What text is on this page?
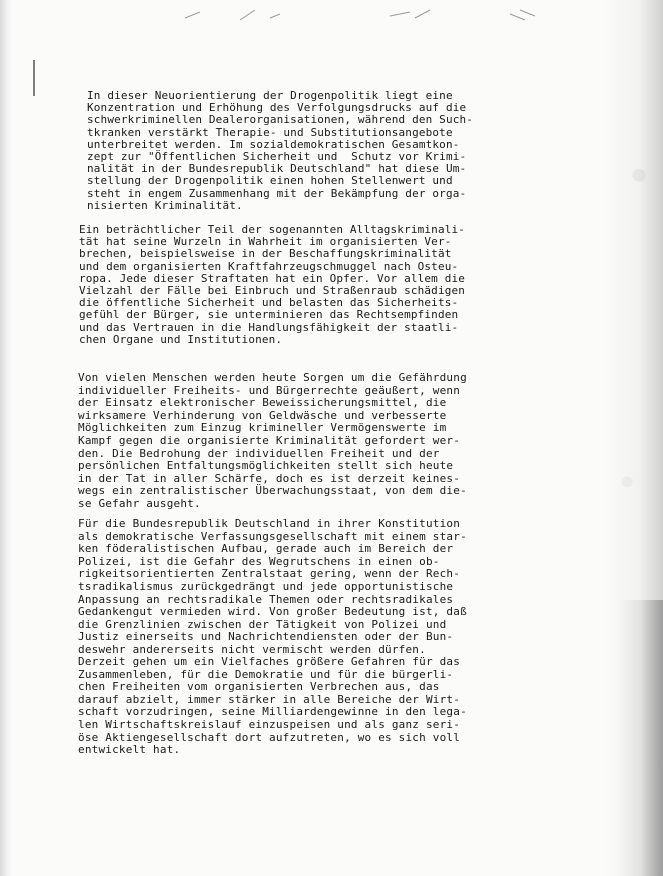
In dieser Neuorientierung der Drogenpolitik liegt eine
Konzentration und Erhöhung des Verfolgungsdrucks auf die
schwerkriminellen Dealerorganisationen, während den Such-
tkranken verstärkt Therapie- und Substitutionsangebote
unterbreitet werden. Im sozialdemokratischen Gesamtkon-
zept zur "Öffentlichen Sicherheit und  Schutz vor Krimi-
nalität in der Bundesrepublik Deutschland" hat diese Um-
stellung der Drogenpolitik einen hohen Stellenwert und
steht in engem Zusammenhang mit der Bekämpfung der orga-
nisierten Kriminalität.
Ein beträchtlicher Teil der sogenannten Alltagskriminali-
tät hat seine Wurzeln in Wahrheit im organisierten Ver-
brechen, beispielsweise in der Beschaffungskriminalität
und dem organisierten Kraftfahrzeugschmuggel nach Osteu-
ropa. Jede dieser Straftaten hat ein Opfer. Vor allem die
Vielzahl der Fälle bei Einbruch und Straßenraub schädigen
die öffentliche Sicherheit und belasten das Sicherheits-
gefühl der Bürger, sie unterminieren das Rechtsempfinden
und das Vertrauen in die Handlungsfähigkeit der staatli-
chen Organe und Institutionen.
Von vielen Menschen werden heute Sorgen um die Gefährdung
individueller Freiheits- und Bürgerrechte geäußert, wenn
der Einsatz elektronischer Beweissicherungsmittel, die
wirksamere Verhinderung von Geldwäsche und verbesserte
Möglichkeiten zum Einzug krimineller Vermögenswerte im
Kampf gegen die organisierte Kriminalität gefordert wer-
den. Die Bedrohung der individuellen Freiheit und der
persönlichen Entfaltungsmöglichkeiten stellt sich heute
in der Tat in aller Schärfe, doch es ist derzeit keines-
wegs ein zentralistischer Überwachungsstaat, von dem die-
se Gefahr ausgeht.
Für die Bundesrepublik Deutschland in ihrer Konstitution
als demokratische Verfassungsgesellschaft mit einem star-
ken föderalistischen Aufbau, gerade auch im Bereich der
Polizei, ist die Gefahr des Wegrutschens in einen ob-
rigkeitsorientierten Zentralstaat gering, wenn der Rech-
tsradikalismus zurückgedrängt und jede opportunistische
Anpassung an rechtsradikale Themen oder rechtsradikales
Gedankengut vermieden wird. Von großer Bedeutung ist, daß
die Grenzlinien zwischen der Tätigkeit von Polizei und
Justiz einerseits und Nachrichtendiensten oder der Bun-
deswehr andererseits nicht vermischt werden dürfen.
Derzeit gehen um ein Vielfaches größere Gefahren für das
Zusammenleben, für die Demokratie und für die bürgerli-
chen Freiheiten vom organisierten Verbrechen aus, das
darauf abzielt, immer stärker in alle Bereiche der Wirt-
schaft vorzudringen, seine Milliardengewinne in den lega-
len Wirtschaftskreislauf einzuspeisen und als ganz seri-
öse Aktiengesellschaft dort aufzutreten, wo es sich voll
entwickelt hat.
